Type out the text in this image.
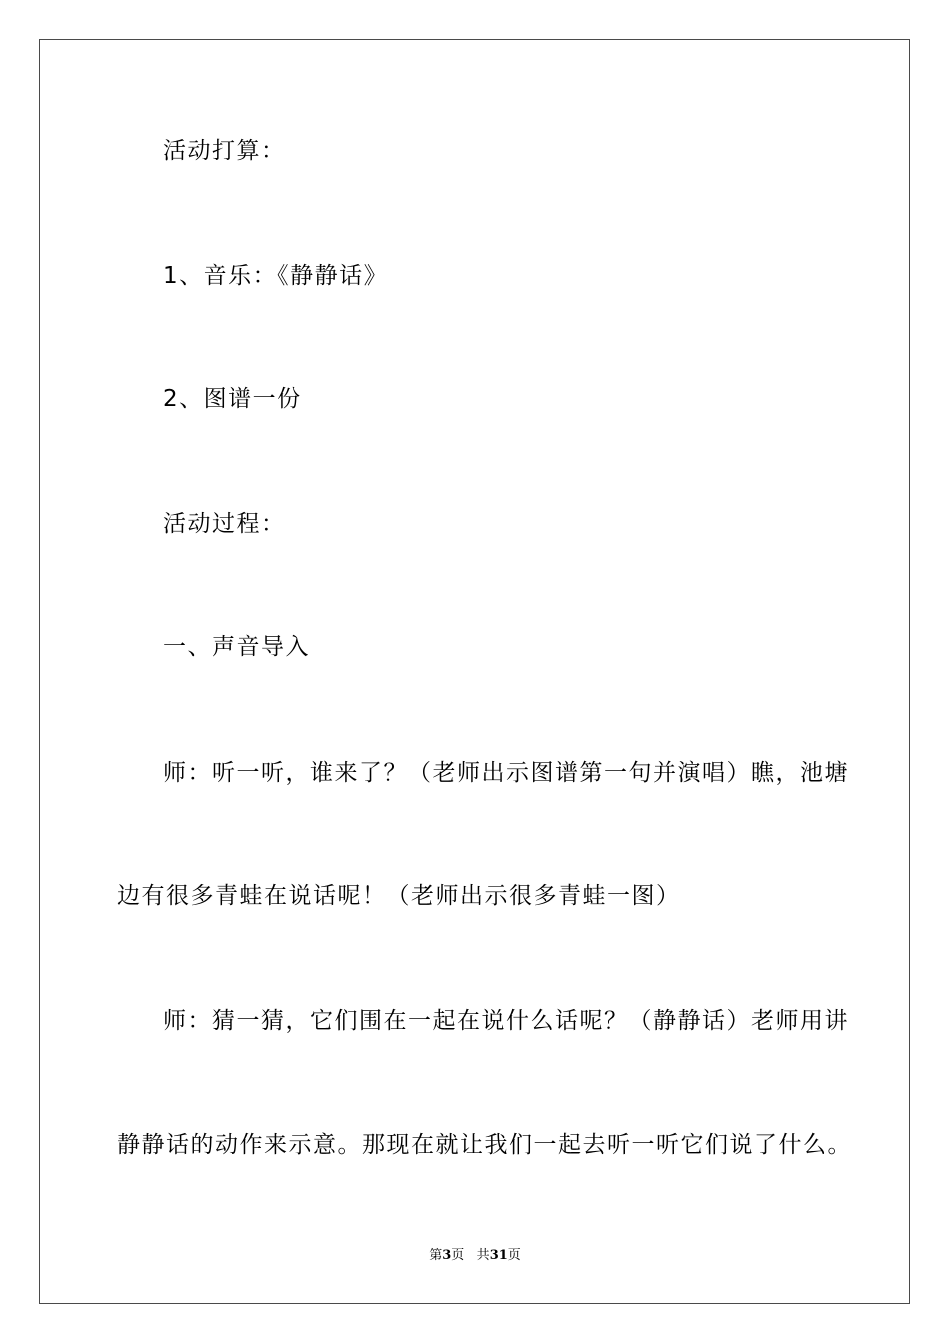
活动打算：
1、音乐：《静静话》
2、图谱一份
活动过程：
一、声音导入
师：听一听，谁来了？（老师出示图谱第一句并演唱）瞧，池塘
边有很多青蛙在说话呢！（老师出示很多青蛙一图）
师：猜一猜，它们围在一起在说什么话呢？（静静话）老师用讲
静静话的动作来示意。那现在就让我们一起去听一听它们说了什么。
第3页 共31页
